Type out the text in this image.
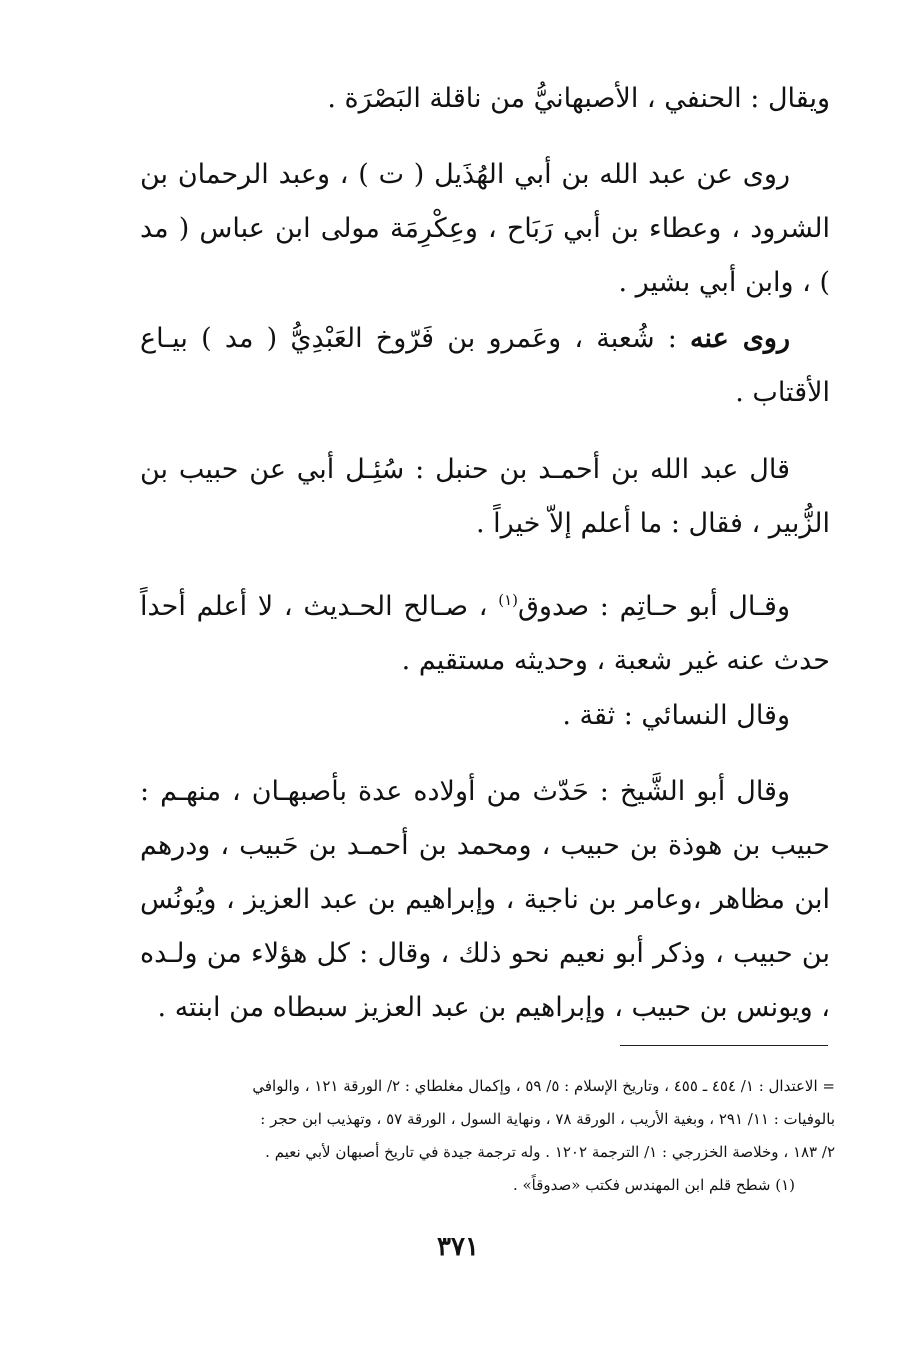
ويقال : الحنفي ، الأصبهانيُّ من ناقلة البَصْرَة .

روى عن عبد الله بن أبي الهُذَيل ( ت ) ، وعبد الرحمان بن الشرود ، وعطاء بن أبي رَبَاح ، وعِكْرِمَة مولى ابن عباس ( مد ) ، وابن أبي بشير .

روى عنه : شُعبة ، وعَمرو بن فَرّوخ العَبْدِيُّ ( مد ) بيـاع الأقتاب .

قال عبد الله بن أحمـد بن حنبل : سُئِـل أبي عن حبيب بن الزُّبير ، فقال : ما أعلم إلاّ خيراً .

وقـال أبو حـاتِم : صدوق$^{(١)}$ ، صـالح الحـديث ، لا أعلم أحداً حدث عنه غير شعبة ، وحديثه مستقيم .

وقال النسائي : ثقة .

وقال أبو الشَّيخ : حَدّث من أولاده عدة بأصبهـان ، منهـم : حبيب بن هوذة بن حبيب ، ومحمد بن أحمـد بن حَبيب ، ودرهم ابن مظاهر ،وعامر بن ناجية ، وإبراهيم بن عبد العزيز ، ويُونُس بن حبيب ، وذكر أبو نعيم نحو ذلك ، وقال : كل هؤلاء من ولـده ، ويونس بن حبيب ، وإبراهيم بن عبد العزيز سبطاه من ابنته .

= الاعتدال : ١/ ٤٥٤ ـ ٤٥٥ ، وتاريخ الإسلام : ٥/ ٥٩ ، وإكمال مغلطاي : ٢/ الورقة ١٢١ ، والوافي

بالوفيات : ١١/ ٢٩١ ، وبغية الأريب ، الورقة ٧٨ ، ونهاية السول ، الورقة ٥٧ ، وتهذيب ابن حجر :

٢/ ١٨٣ ، وخلاصة الخزرجي : ١/ الترجمة ١٢٠٢ . وله ترجمة جيدة في تاريخ أصبهان لأبي نعيم .

(١) شطح قلم ابن المهندس فكتب «صدوقاً» .

٣٧١
